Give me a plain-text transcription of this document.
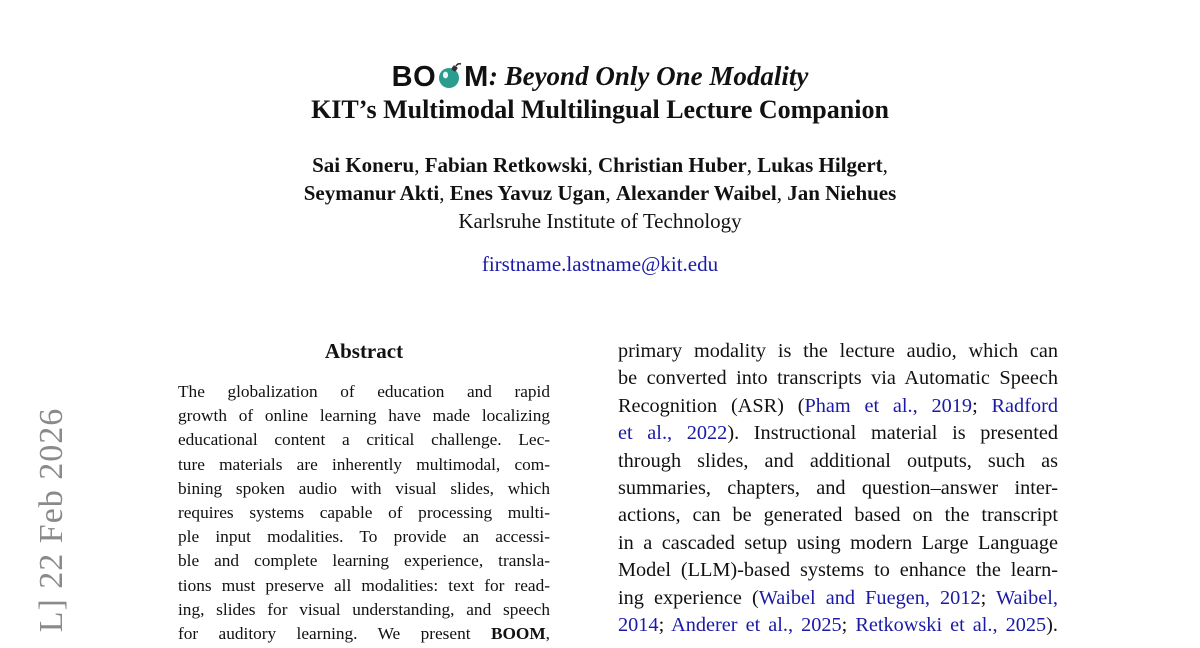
L] 22 Feb 2026
BO M: Beyond Only One Modality
KIT’s Multimodal Multilingual Lecture Companion
Sai Koneru, Fabian Retkowski, Christian Huber, Lukas Hilgert,
Seymanur Akti, Enes Yavuz Ugan, Alexander Waibel, Jan Niehues
Karlsruhe Institute of Technology
firstname.lastname@kit.edu
Abstract
The globalization of education and rapid
growth of online learning have made localizing
educational content a critical challenge. Lec-
ture materials are inherently multimodal, com-
bining spoken audio with visual slides, which
requires systems capable of processing multi-
ple input modalities. To provide an accessi-
ble and complete learning experience, transla-
tions must preserve all modalities: text for read-
ing, slides for visual understanding, and speech
for auditory learning. We present BOOM,
primary modality is the lecture audio, which can
be converted into transcripts via Automatic Speech
Recognition (ASR) (Pham et al., 2019; Radford
et al., 2022). Instructional material is presented
through slides, and additional outputs, such as
summaries, chapters, and question–answer inter-
actions, can be generated based on the transcript
in a cascaded setup using modern Large Language
Model (LLM)-based systems to enhance the learn-
ing experience (Waibel and Fuegen, 2012; Waibel,
2014; Anderer et al., 2025; Retkowski et al., 2025).
